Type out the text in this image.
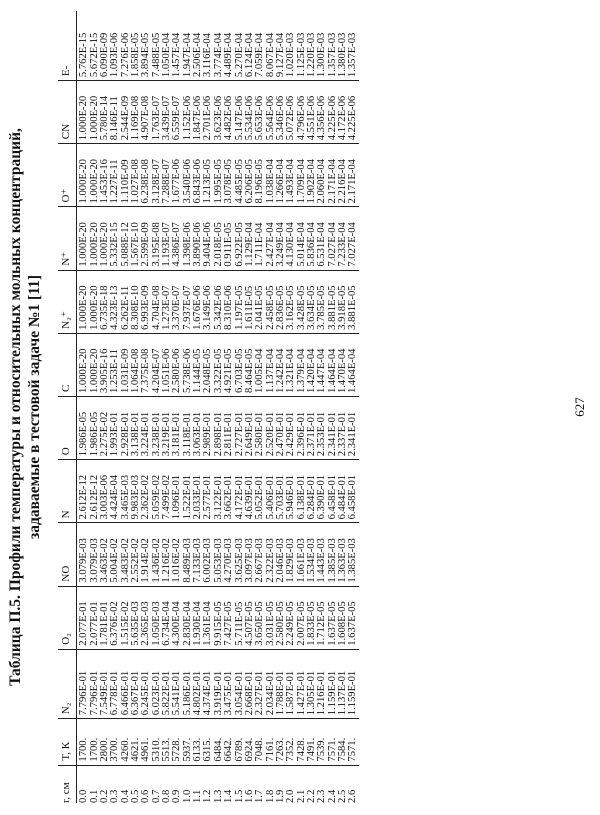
Таблица П.5. Профили температуры и относительных мольных концентраций, задаваемые в тестовой задаче №1 [11]
r, см	T, К	N₂	O₂	NO	N	O	C	N₂⁺	N⁺	O⁺	CN	E-
0.0	1700.	7.796E-01	2.077E-01	3.079E-03	2.612E-12	1.986E-05	1.000E-20	1.000E-20	1.000E-20	1.000E-20	1.000E-20	5.762E-15
0.1	1700.	7.796E-01	2.077E-01	3.079E-03	2.612E-12	1.986E-05	1.000E-20	1.000E-20	1.000E-20	1.000E-20	1.000E-20	5.672E-15
0.2	2800.	7.549E-01	1.781E-01	3.463E-02	3.003E-06	2.275E-02	3.905E-16	6.735E-18	1.000E-20	1.453E-16	5.780E-14	6.090E-09
0.3	3700.	6.778E-01	6.376E-02	5.004E-02	4.424E-04	1.993E-01	1.253E-11	4.323E-13	5.332E-15	1.227E-11	8.146E-11	1.093E-06
0.4	4260.	6.466E-01	1.515E-02	3.483E-02	3.465E-03	2.928E-01	1.031E-09	6.262E-11	5.088E-12	1.110E-09	2.544E-09	7.276E-06
0.5	4621.	6.367E-01	5.635E-03	2.552E-02	9.983E-03	3.138E-01	1.064E-08	8.308E-10	1.567E-10	1.027E-08	1.169E-08	1.858E-05
0.6	4961.	6.245E-01	2.365E-03	1.914E-02	2.362E-02	3.224E-01	7.375E-08	6.993E-09	2.599E-09	6.238E-08	4.907E-08	3.894E-05
0.7	5310.	6.023E-01	1.050E-03	1.436E-02	5.059E-02	3.238E-01	4.204E-07	4.704E-08	3.195E-08	3.128E-07	1.763E-07	7.488E-05
0.8	5513.	5.822E-01	6.734E-04	1.216E-02	7.499E-02	3.219E-01	1.051E-06	1.273E-07	1.193E-07	7.288E-07	3.439E-07	1.050E-04
0.9	5728.	5.541E-01	4.300E-04	1.016E-02	1.096E-01	3.181E-01	2.580E-06	3.370E-07	4.386E-07	1.677E-06	6.559E-07	1.457E-04
1.0	5937.	5.186E-01	2.830E-04	8.489E-03	1.522E-01	3.118E-01	5.738E-06	7.937E-07	1.398E-06	3.540E-06	1.152E-06	1.947E-04
1.1	6133.	4.802E-01	1.930E-04	7.133E-03	2.033E-01	3.063E-01	1.144E-05	1.676E-06	3.890E-06	6.843E-06	1.847E-06	2.506E-04
1.2	6315.	4.374E-01	1.361E-04	6.002E-03	2.577E-01	2.989E-01	2.048E-05	3.149E-06	9.404E-06	1.213E-05	2.701E-06	3.116E-04
1.3	6484.	3.919E-01	9.915E-05	5.053E-03	3.122E-01	2.898E-01	3.322E-05	5.342E-06	2.018E-05	1.995E-05	3.623E-06	3.774E-04
1.4	6642.	3.475E-01	7.427E-05	4.270E-03	3.662E-01	2.811E-01	4.921E-05	8.310E-06	0.911E-05	3.078E-05	4.482E-06	4.489E-04
1.5	6789.	3.054E-01	5.711E-05	3.625E-03	4.172E-01	2.727E-01	6.703E-05	1.197E-05	6.922E-05	4.485E-05	5.147E-06	5.270E-04
1.6	6924.	2.668E-01	4.507E-05	3.097E-03	4.639E-01	2.649E-01	8.464E-05	1.611E-05	1.129E-04	6.206E-05	5.534E-06	6.124E-04
1.7	7048.	2.327E-01	3.650E-05	2.667E-03	5.052E-01	2.580E-01	1.005E-04	2.041E-05	1.711E-04	8.196E-05	5.653E-06	7.059E-04
1.8	7161.	2.034E-01	3.031E-05	2.322E-03	5.406E-01	2.520E-01	1.137E-04	2.458E-05	2.427E-04	1.038E-04	5.564E-06	8.067E-04
1.9	7263.	1.788E-01	2.580E-05	2.046E-03	5.703E-01	2.470E-01	1.242E-04	2.836E-05	3.249E-04	1.266E-04	5.346E-06	9.127E-04
2.0	7352.	1.587E-01	2.249E-05	1.829E-03	5.946E-01	2.429E-01	1.321E-04	3.162E-05	4.130E-04	1.493E-04	5.072E-06	1.020E-03
2.1	7428.	1.427E-01	2.007E-05	1.661E-03	6.138E-01	2.396E-01	1.379E-04	3.428E-05	5.014E-04	1.709E-04	4.796E-06	1.125E-03
2.2	7491.	1.305E-01	1.833E-05	1.534E-03	6.284E-01	2.371E-01	1.420E-04	3.634E-05	5.836E-04	1.902E-04	4.551E-06	1.220E-03
2.3	7539.	1.216E-01	1.712E-05	1.443E-03	6.390E-01	2.353E-01	1.447E-04	3.785E-05	6.531E-04	2.060E-04	4.356E-06	1.300E-03
2.4	7571.	1.159E-01	1.637E-05	1.385E-03	6.458E-01	2.341E-01	1.464E-04	3.881E-05	7.027E-04	2.171E-04	4.225E-06	1.357E-03
2.5	7584.	1.137E-01	1.608E-05	1.363E-03	6.484E-01	2.337E-01	1.470E-04	3.918E-05	7.233E-04	2.216E-04	4.172E-06	1.380E-03
2.6	7571.	1.159E-01	1.637E-05	1.385E-03	6.458E-01	2.341E-01	1.464E-04	3.881E-05	7.027E-04	2.171E-04	4.225E-06	1.357E-03
627
